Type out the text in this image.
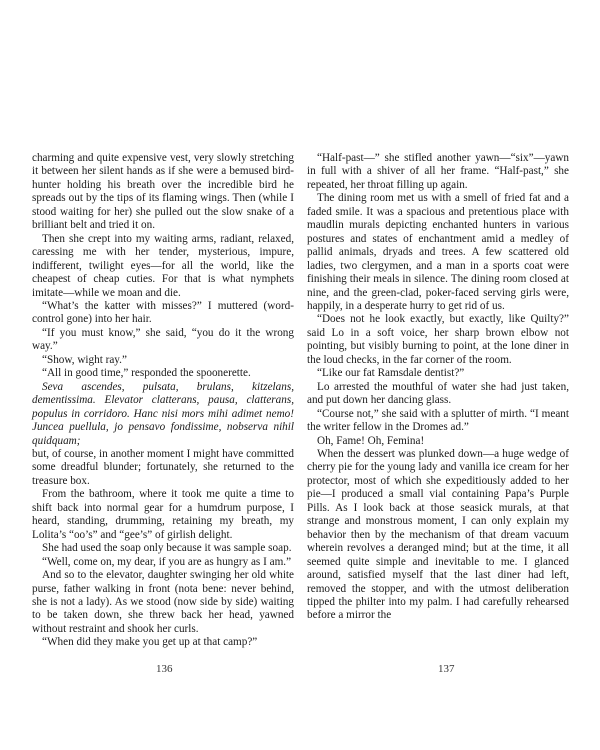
charming and quite expensive vest, very slowly stretching it between her silent hands as if she were a bemused bird-hunter holding his breath over the incredible bird he spreads out by the tips of its flaming wings. Then (while I stood waiting for her) she pulled out the slow snake of a brilliant belt and tried it on.

Then she crept into my waiting arms, radiant, relaxed, caressing me with her tender, mysterious, impure, indifferent, twilight eyes—for all the world, like the cheapest of cheap cuties. For that is what nymphets imitate—while we moan and die.

“What’s the katter with misses?” I muttered (word-control gone) into her hair.

“If you must know,” she said, “you do it the wrong way.”

“Show, wight ray.”

“All in good time,” responded the spoonerette.

Seva ascendes, pulsata, brulans, kitzelans, dementissima. Elevator clatterans, pausa, clatterans, populus in corridoro. Hanc nisi mors mihi adimet nemo! Juncea puellula, jo pensavo fondissime, nobserva nihil quidquam;

but, of course, in another moment I might have committed some dreadful blunder; fortunately, she returned to the treasure box.

From the bathroom, where it took me quite a time to shift back into normal gear for a humdrum purpose, I heard, standing, drumming, retaining my breath, my Lolita’s “oo’s” and “gee’s” of girlish delight.

She had used the soap only because it was sample soap.

“Well, come on, my dear, if you are as hungry as I am.”

And so to the elevator, daughter swinging her old white purse, father walking in front (nota bene: never behind, she is not a lady). As we stood (now side by side) waiting to be taken down, she threw back her head, yawned without restraint and shook her curls.

“When did they make you get up at that camp?”

136

“Half-past—” she stifled another yawn—“six”—yawn in full with a shiver of all her frame. “Half-past,” she repeated, her throat filling up again.

The dining room met us with a smell of fried fat and a faded smile. It was a spacious and pretentious place with maudlin murals depicting enchanted hunters in various postures and states of enchantment amid a medley of pallid animals, dryads and trees. A few scattered old ladies, two clergymen, and a man in a sports coat were finishing their meals in silence. The dining room closed at nine, and the green-clad, poker-faced serving girls were, happily, in a desperate hurry to get rid of us.

“Does not he look exactly, but exactly, like Quilty?” said Lo in a soft voice, her sharp brown elbow not pointing, but visibly burning to point, at the lone diner in the loud checks, in the far corner of the room.

“Like our fat Ramsdale dentist?”

Lo arrested the mouthful of water she had just taken, and put down her dancing glass.

“Course not,” she said with a splutter of mirth. “I meant the writer fellow in the Dromes ad.”

Oh, Fame! Oh, Femina!

When the dessert was plunked down—a huge wedge of cherry pie for the young lady and vanilla ice cream for her protector, most of which she expeditiously added to her pie—I produced a small vial containing Papa’s Purple Pills. As I look back at those seasick murals, at that strange and monstrous moment, I can only explain my behavior then by the mechanism of that dream vacuum wherein revolves a deranged mind; but at the time, it all seemed quite simple and inevitable to me. I glanced around, satisfied myself that the last diner had left, removed the stopper, and with the utmost deliberation tipped the philter into my palm. I had carefully rehearsed before a mirror the

137
